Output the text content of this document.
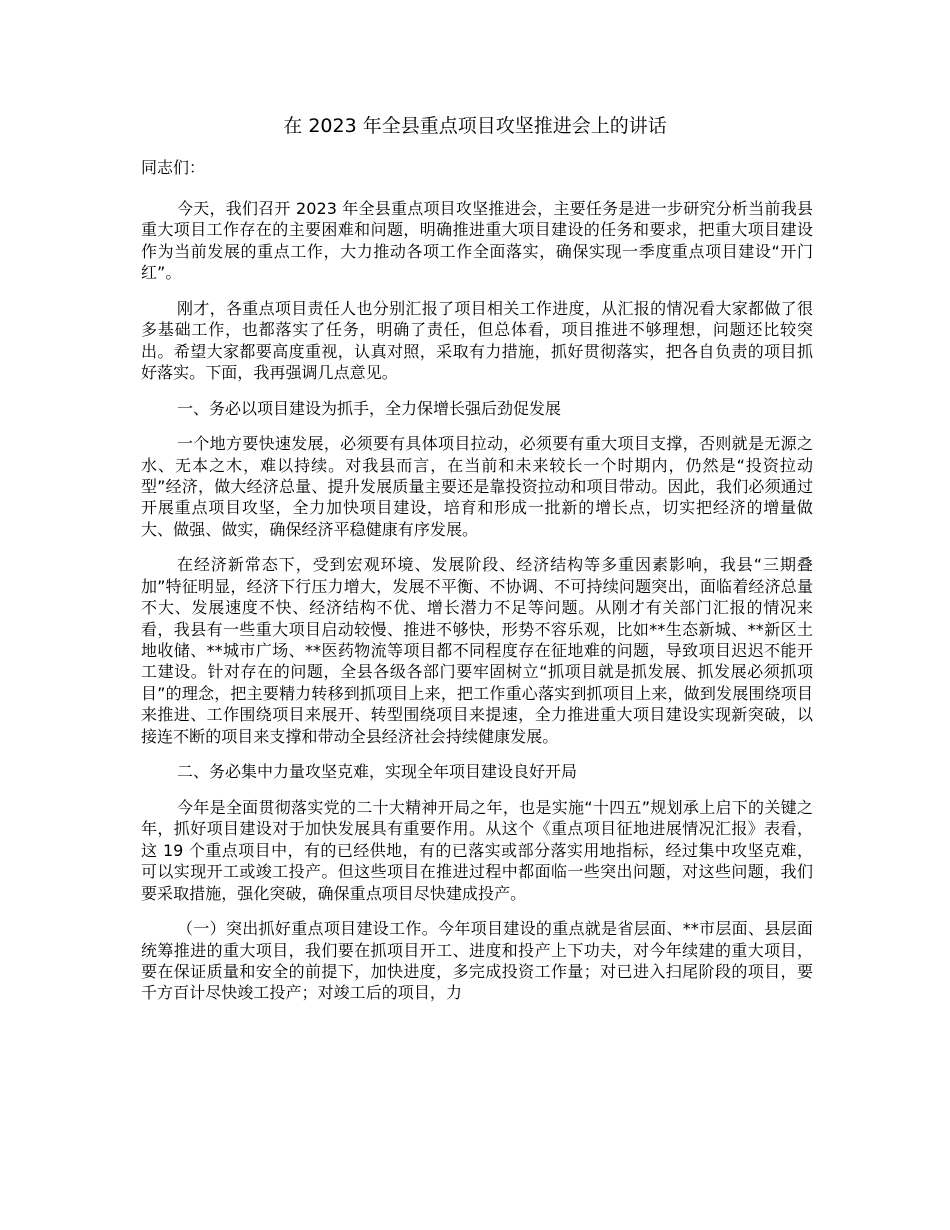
在 2023 年全县重点项目攻坚推进会上的讲话

同志们：

今天，我们召开 2023 年全县重点项目攻坚推进会，主要任务是进一步研究分析当前我县重大项目工作存在的主要困难和问题，明确推进重大项目建设的任务和要求，把重大项目建设作为当前发展的重点工作，大力推动各项工作全面落实，确保实现一季度重点项目建设“开门红”。

刚才，各重点项目责任人也分别汇报了项目相关工作进度，从汇报的情况看大家都做了很多基础工作，也都落实了任务，明确了责任，但总体看，项目推进不够理想，问题还比较突出。希望大家都要高度重视，认真对照，采取有力措施，抓好贯彻落实，把各自负责的项目抓好落实。下面，我再强调几点意见。

一、务必以项目建设为抓手，全力保增长强后劲促发展

一个地方要快速发展，必须要有具体项目拉动，必须要有重大项目支撑，否则就是无源之水、无本之木，难以持续。对我县而言，在当前和未来较长一个时期内，仍然是“投资拉动型”经济，做大经济总量、提升发展质量主要还是靠投资拉动和项目带动。因此，我们必须通过开展重点项目攻坚，全力加快项目建设，培育和形成一批新的增长点，切实把经济的增量做大、做强、做实，确保经济平稳健康有序发展。

在经济新常态下，受到宏观环境、发展阶段、经济结构等多重因素影响，我县“三期叠加”特征明显，经济下行压力增大，发展不平衡、不协调、不可持续问题突出，面临着经济总量不大、发展速度不快、经济结构不优、增长潜力不足等问题。从刚才有关部门汇报的情况来看，我县有一些重大项目启动较慢、推进不够快，形势不容乐观，比如**生态新城、**新区土地收储、**城市广场、**医药物流等项目都不同程度存在征地难的问题，导致项目迟迟不能开工建设。针对存在的问题，全县各级各部门要牢固树立“抓项目就是抓发展、抓发展必须抓项目”的理念，把主要精力转移到抓项目上来，把工作重心落实到抓项目上来，做到发展围绕项目来推进、工作围绕项目来展开、转型围绕项目来提速，全力推进重大项目建设实现新突破，以接连不断的项目来支撑和带动全县经济社会持续健康发展。

二、务必集中力量攻坚克难，实现全年项目建设良好开局

今年是全面贯彻落实党的二十大精神开局之年，也是实施“十四五”规划承上启下的关键之年，抓好项目建设对于加快发展具有重要作用。从这个《重点项目征地进展情况汇报》表看，这 19 个重点项目中，有的已经供地，有的已落实或部分落实用地指标，经过集中攻坚克难，可以实现开工或竣工投产。但这些项目在推进过程中都面临一些突出问题，对这些问题，我们要采取措施，强化突破，确保重点项目尽快建成投产。

（一）突出抓好重点项目建设工作。今年项目建设的重点就是省层面、**市层面、县层面统筹推进的重大项目，我们要在抓项目开工、进度和投产上下功夫，对今年续建的重大项目，要在保证质量和安全的前提下，加快进度，多完成投资工作量；对已进入扫尾阶段的项目，要千方百计尽快竣工投产；对竣工后的项目，力
